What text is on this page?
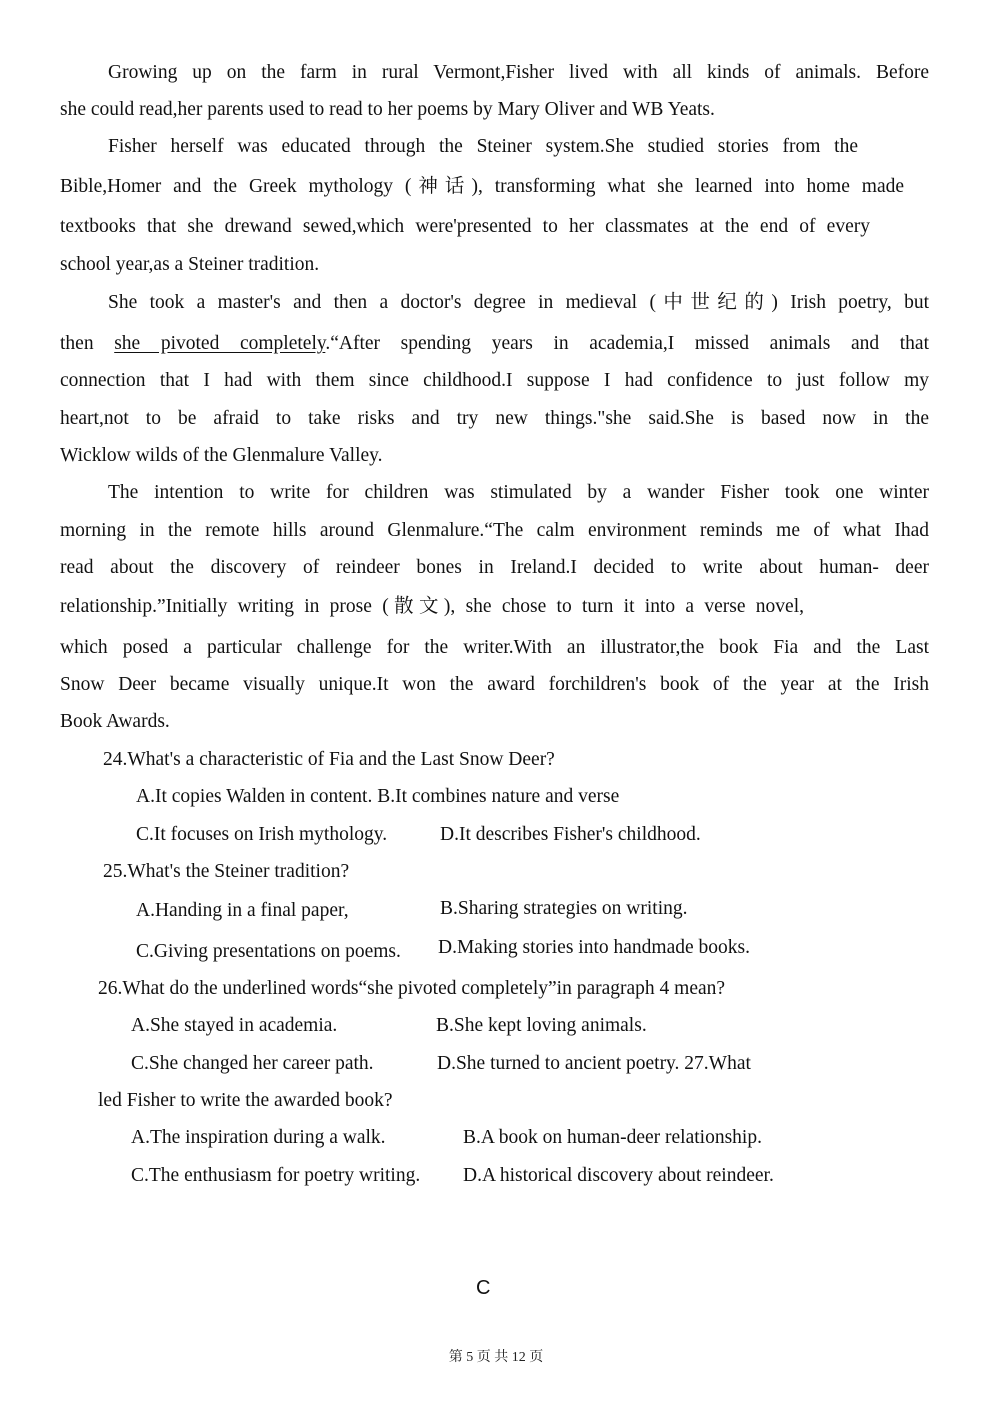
Growing up on the farm in rural Vermont,Fisher lived with all kinds of animals. Before
she could read,her parents used to read to her poems by Mary Oliver and WB Yeats.
Fisher herself was educated through the Steiner system.She studied stories from the
Bible,Homer and the Greek mythology (神话), transforming what she learned into home made
textbooks that she drewand sewed,which were'presented to her classmates at the end of every
school year,as a Steiner tradition.
She took a master's and then a doctor's degree in medieval (中世纪的) Irish poetry, but
then she pivoted completely.“After spending years in academia,I missed animals and that
connection that I had with them since childhood.I suppose I had confidence to just follow my
heart,not to be afraid to take risks and try new things."she said.She is based now in the
Wicklow wilds of the Glenmalure Valley.
The intention to write for children was stimulated by a wander Fisher took one winter
morning in the remote hills around Glenmalure.“The calm environment reminds me of what Ihad
read about the discovery of reindeer bones in Ireland.I decided to write about human- deer
relationship.”Initially writing in prose (散文), she chose to turn it into a verse novel,
which posed a particular challenge for the writer.With an illustrator,the book Fia and the Last
Snow Deer became visually unique.It won the award forchildren's book of the year at the Irish
Book Awards.
24.What's a characteristic of Fia and the Last Snow Deer?
A.It copies Walden in content. B.It combines nature and verse
C.It focuses on Irish mythology.	D.It describes Fisher's childhood.
25.What's the Steiner tradition?
A.Handing in a final paper,	B.Sharing strategies on writing.
C.Giving presentations on poems. D.Making stories into handmade books.
26.What do the underlined words“she pivoted completely”in paragraph 4 mean?
A.She stayed in academia.	B.She kept loving animals.
C.She changed her career path.	D.She turned to ancient poetry. 27.What
led Fisher to write the awarded book?
A.The inspiration during a walk.	B.A book on human-deer relationship.
C.The enthusiasm for poetry writing. D.A historical discovery about reindeer.
C
第 5 页 共 12 页
